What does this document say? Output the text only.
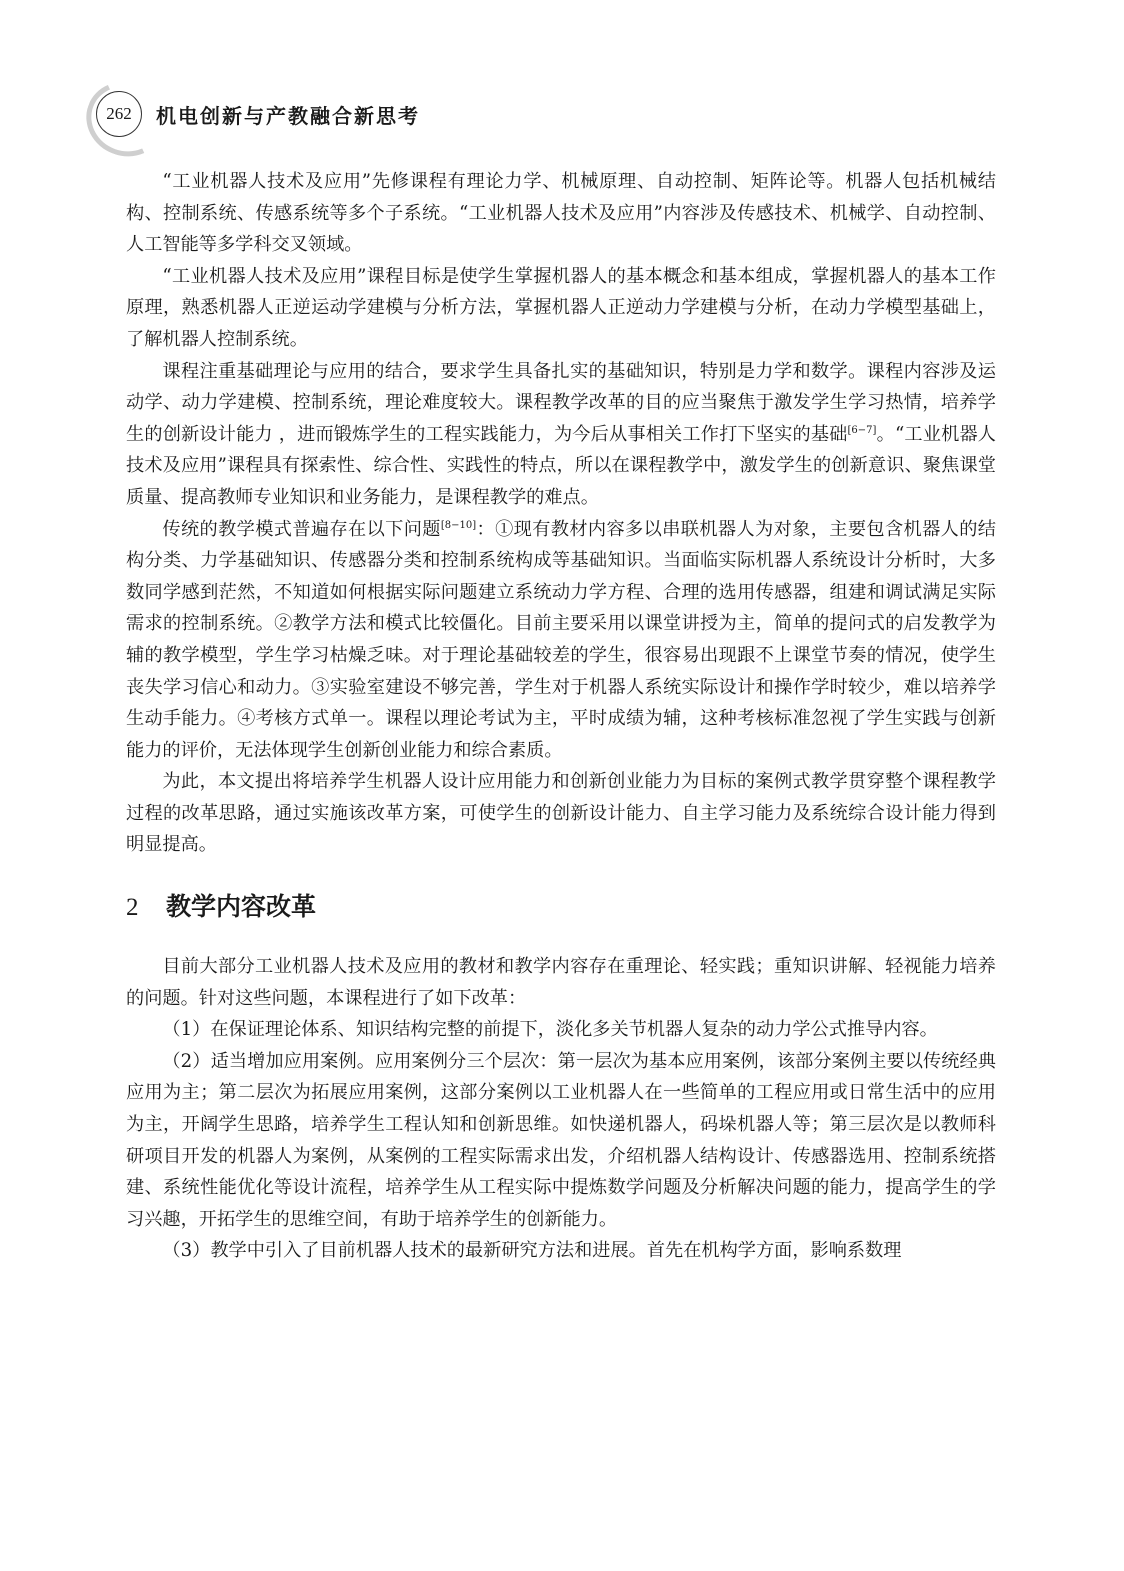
262	机电创新与产教融合新思考

“工业机器人技术及应用”先修课程有理论力学、机械原理、自动控制、矩阵论等。机器人包括机械结构、控制系统、传感系统等多个子系统。“工业机器人技术及应用”内容涉及传感技术、机械学、自动控制、人工智能等多学科交叉领域。

“工业机器人技术及应用”课程目标是使学生掌握机器人的基本概念和基本组成，掌握机器人的基本工作原理，熟悉机器人正逆运动学建模与分析方法，掌握机器人正逆动力学建模与分析，在动力学模型基础上，了解机器人控制系统。

课程注重基础理论与应用的结合，要求学生具备扎实的基础知识，特别是力学和数学。课程内容涉及运动学、动力学建模、控制系统，理论难度较大。课程教学改革的目的应当聚焦于激发学生学习热情，培养学生的创新设计能力 ，进而锻炼学生的工程实践能力，为今后从事相关工作打下坚实的基础[6−7]。“工业机器人技术及应用”课程具有探索性、综合性、实践性的特点，所以在课程教学中，激发学生的创新意识、聚焦课堂质量、提高教师专业知识和业务能力，是课程教学的难点。

传统的教学模式普遍存在以下问题[8−10]：①现有教材内容多以串联机器人为对象，主要包含机器人的结构分类、力学基础知识、传感器分类和控制系统构成等基础知识。当面临实际机器人系统设计分析时，大多数同学感到茫然，不知道如何根据实际问题建立系统动力学方程、合理的选用传感器，组建和调试满足实际需求的控制系统。②教学方法和模式比较僵化。目前主要采用以课堂讲授为主，简单的提问式的启发教学为辅的教学模型，学生学习枯燥乏味。对于理论基础较差的学生，很容易出现跟不上课堂节奏的情况，使学生丧失学习信心和动力。③实验室建设不够完善，学生对于机器人系统实际设计和操作学时较少，难以培养学生动手能力。④考核方式单一。课程以理论考试为主，平时成绩为辅，这种考核标准忽视了学生实践与创新能力的评价，无法体现学生创新创业能力和综合素质。

为此，本文提出将培养学生机器人设计应用能力和创新创业能力为目标的案例式教学贯穿整个课程教学过程的改革思路，通过实施该改革方案，可使学生的创新设计能力、自主学习能力及系统综合设计能力得到明显提高。

2	教学内容改革

目前大部分工业机器人技术及应用的教材和教学内容存在重理论、轻实践；重知识讲解、轻视能力培养的问题。针对这些问题，本课程进行了如下改革：

（1）在保证理论体系、知识结构完整的前提下，淡化多关节机器人复杂的动力学公式推导内容。

（2）适当增加应用案例。应用案例分三个层次：第一层次为基本应用案例，该部分案例主要以传统经典应用为主；第二层次为拓展应用案例，这部分案例以工业机器人在一些简单的工程应用或日常生活中的应用为主，开阔学生思路，培养学生工程认知和创新思维。如快递机器人，码垛机器人等；第三层次是以教师科研项目开发的机器人为案例，从案例的工程实际需求出发，介绍机器人结构设计、传感器选用、控制系统搭建、系统性能优化等设计流程，培养学生从工程实际中提炼数学问题及分析解决问题的能力，提高学生的学习兴趣，开拓学生的思维空间，有助于培养学生的创新能力。

（3）教学中引入了目前机器人技术的最新研究方法和进展。首先在机构学方面，影响系数理
